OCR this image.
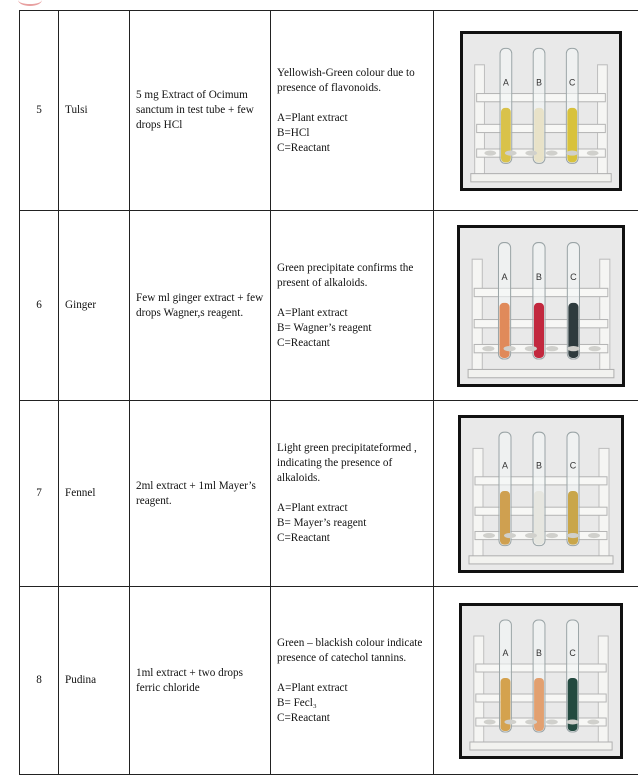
5	Tulsi	5 mg Extract of Ocimum sanctum in test tube + few drops HCl	Yellowish-Green colour due to presence of flavonoids.
A=Plant extract
B=HCl
C=Reactant	A B C

6	Ginger	Few ml ginger extract + few drops Wagner,s reagent.	Green precipitate confirms the present of alkaloids.
A=Plant extract
B= Wagner’s reagent
C=Reactant	A B C

7	Fennel	2ml extract + 1ml Mayer’s reagent.	Light green precipitateformed , indicating the presence of alkaloids.
A=Plant extract
B= Mayer’s reagent
C=Reactant	A B C

8	Pudina	1ml extract + two drops ferric chloride	Green – blackish colour indicate presence of catechol tannins.
A=Plant extract
B= Fecl₃
C=Reactant	A B C
